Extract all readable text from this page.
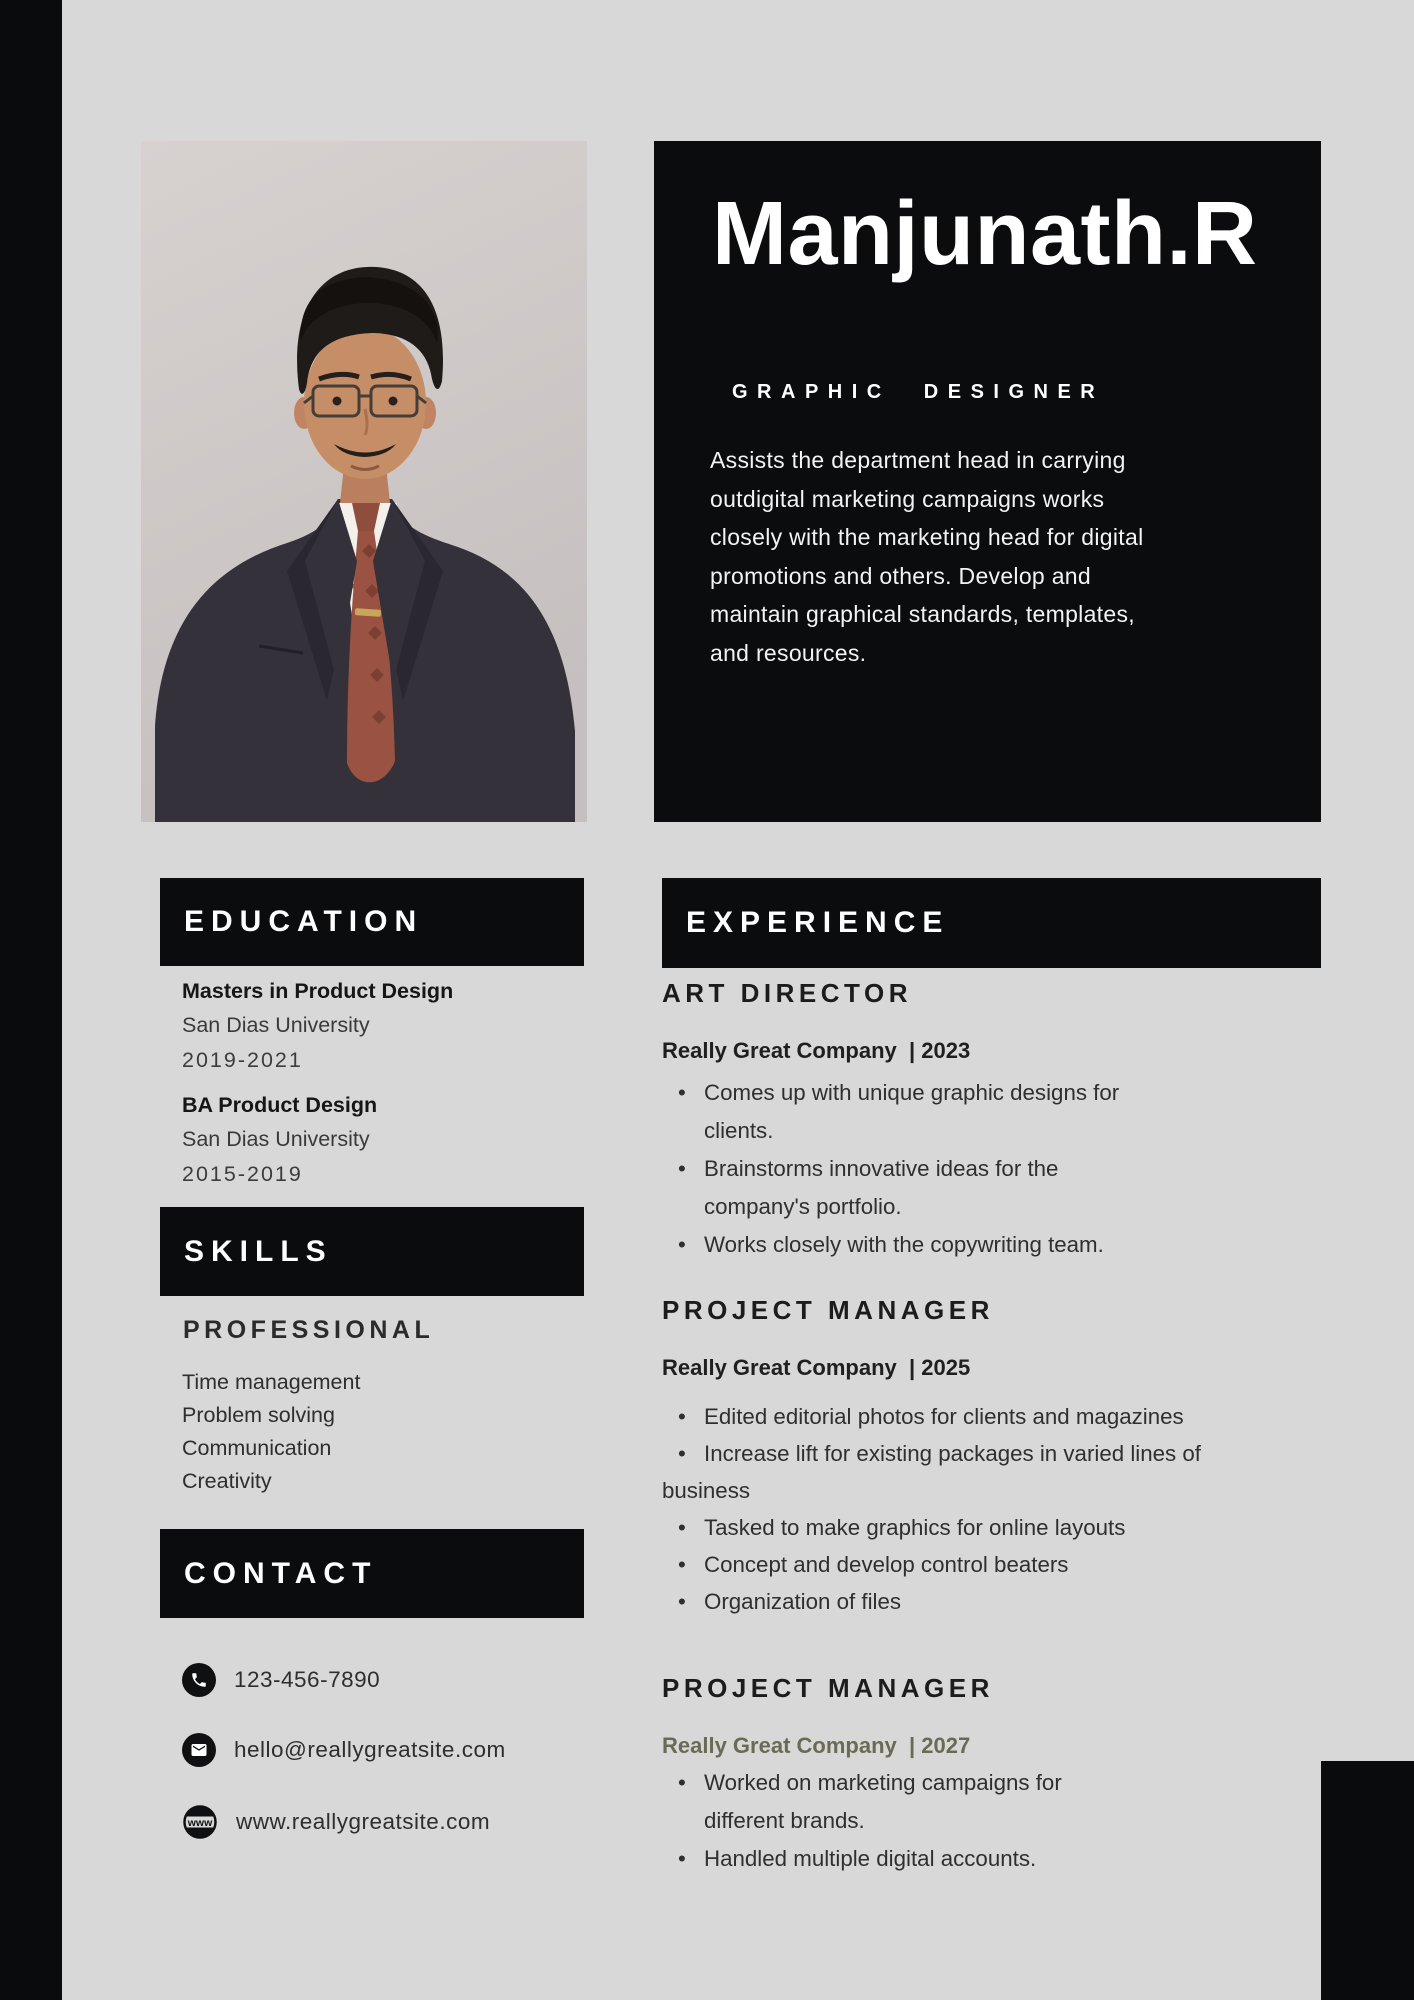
Manjunath.R
GRAPHIC DESIGNER
Assists the department head in carrying
outdigital marketing campaigns works
closely with the marketing head for digital
promotions and others. Develop and
maintain graphical standards, templates,
and resources.
EDUCATION
SKILLS
CONTACT
EXPERIENCE
Masters in Product Design
San Dias University
2019-2021
BA Product Design
San Dias University
2015-2019
PROFESSIONAL
Time management
Problem solving
Communication
Creativity
123-456-7890
hello@reallygreatsite.com
www www.reallygreatsite.com
ART DIRECTOR
Really Great Company  | 2023
• Comes up with unique graphic designs for clients.
• Brainstorms innovative ideas for the company's portfolio.
• Works closely with the copywriting team.
PROJECT MANAGER
Really Great Company  | 2025
• Edited editorial photos for clients and magazines
• Increase lift for existing packages in varied lines of business
• Tasked to make graphics for online layouts
• Concept and develop control beaters
• Organization of files
PROJECT MANAGER
Really Great Company  | 2027
• Worked on marketing campaigns for different brands.
• Handled multiple digital accounts.
